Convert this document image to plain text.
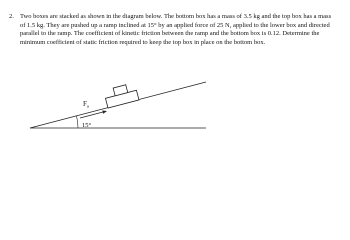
2. Two boxes are stacked as shown in the diagram below. The bottom box has a mass of 3.5 kg and the top box has a mass of 1.5 kg. They are pushed up a ramp inclined at 15° by an applied force of 25 N, applied to the lower box and directed parallel to the ramp. The coefficient of kinetic friction between the ramp and the bottom box is 0.12. Determine the minimum coefficient of static friction required to keep the top box in place on the bottom box.
$F_a$
15°
